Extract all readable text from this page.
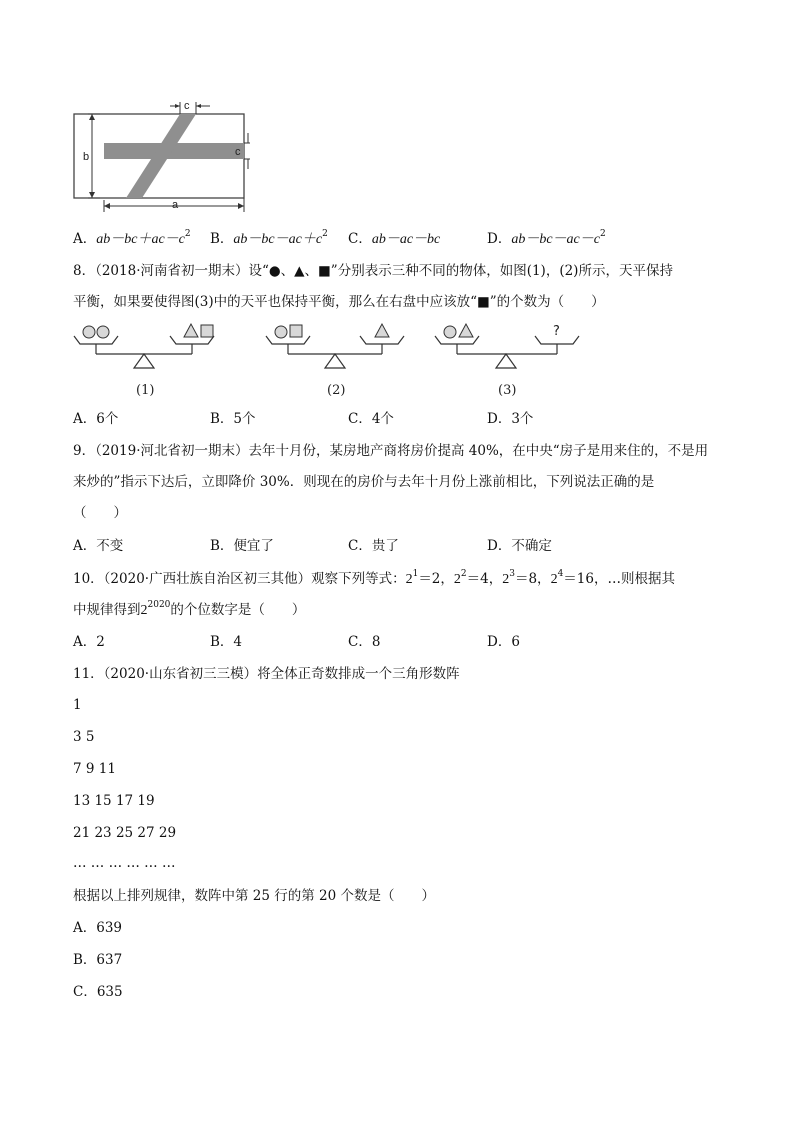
b
a
c
c
A．$ab-bc+ac-c^2$ B．$ab-bc-ac+c^2$ C．ab－ac－bc	D．$ab-bc-ac-c^2$
8．（2018·河南省初一期末）设“●、▲、■”分别表示三种不同的物体，如图(1)，(2)所示，天平保持
平衡，如果要使得图(3)中的天平也保持平衡，那么在右盘中应该放“■”的个数为（　　）
?
(1)	(2)	(3)
A．6个	B．5个	C．4个	D．3个
9．（2019·河北省初一期末）去年十月份，某房地产商将房价提高 40%，在中央“房子是用来住的，不是用
来炒的”指示下达后，立即降价 30%．则现在的房价与去年十月份上涨前相比，下列说法正确的是
（　　）
A．不变	B．便宜了	C．贵了	D．不确定
10．（2020·广西壮族自治区初三其他）观察下列等式：$2^1=2$，$2^2=4$，$2^3=8$，$2^4=16$，…则根据其
中规律得到$2^{2020}$的个位数字是（　　）
A．2	B．4	C．8	D．6
11．（2020·山东省初三三模）将全体正奇数排成一个三角形数阵
1
3 5
7 9 11
13 15 17 19
21 23 25 27 29
… … … … … …
根据以上排列规律，数阵中第 25 行的第 20 个数是（　　）
A．639
B．637
C．635
